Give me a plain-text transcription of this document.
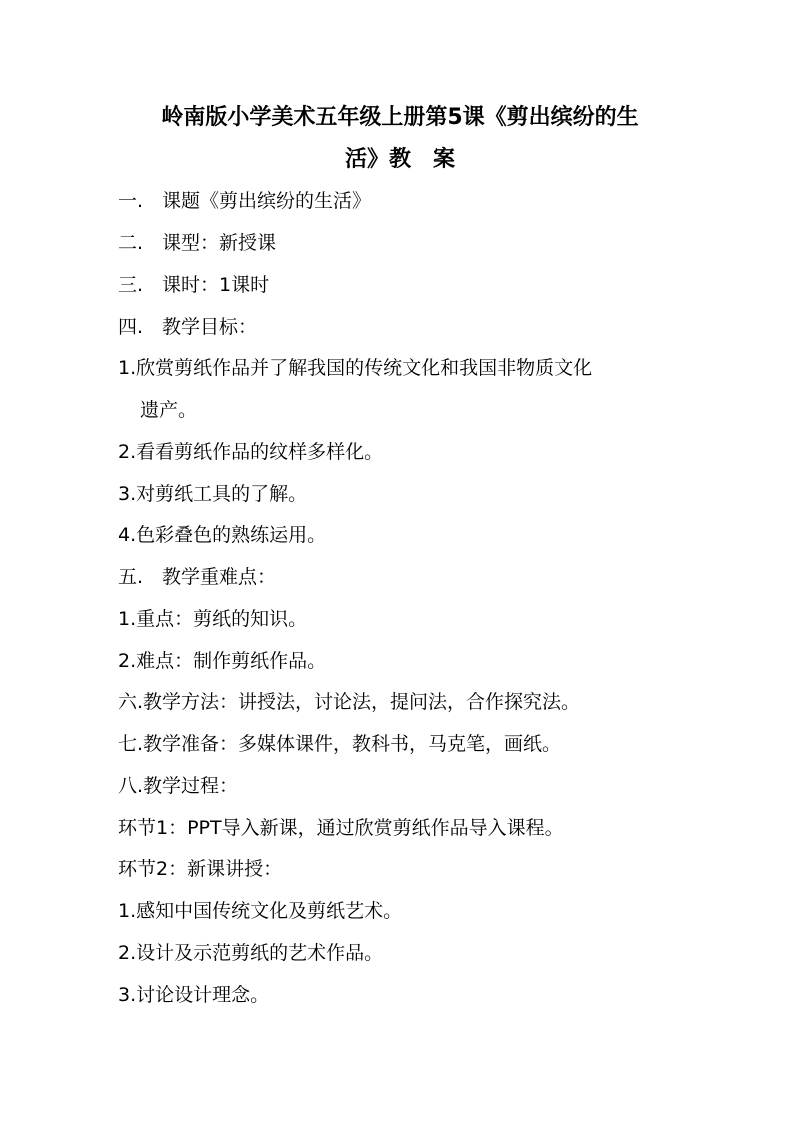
岭南版小学美术五年级上册第5课《剪出缤纷的生
活》教　案
一.　课题《剪出缤纷的生活》
二.　课型：新授课
三.　课时：1课时
四.　教学目标：
1.欣赏剪纸作品并了解我国的传统文化和我国非物质文化
遗产。
2.看看剪纸作品的纹样多样化。
3.对剪纸工具的了解。
4.色彩叠色的熟练运用。
五.　教学重难点：
1.重点：剪纸的知识。
2.难点：制作剪纸作品。
六.教学方法：讲授法，讨论法，提问法，合作探究法。
七.教学准备：多媒体课件，教科书，马克笔，画纸。
八.教学过程：
环节1：PPT导入新课，通过欣赏剪纸作品导入课程。
环节2：新课讲授：
1.感知中国传统文化及剪纸艺术。
2.设计及示范剪纸的艺术作品。
3.讨论设计理念。
